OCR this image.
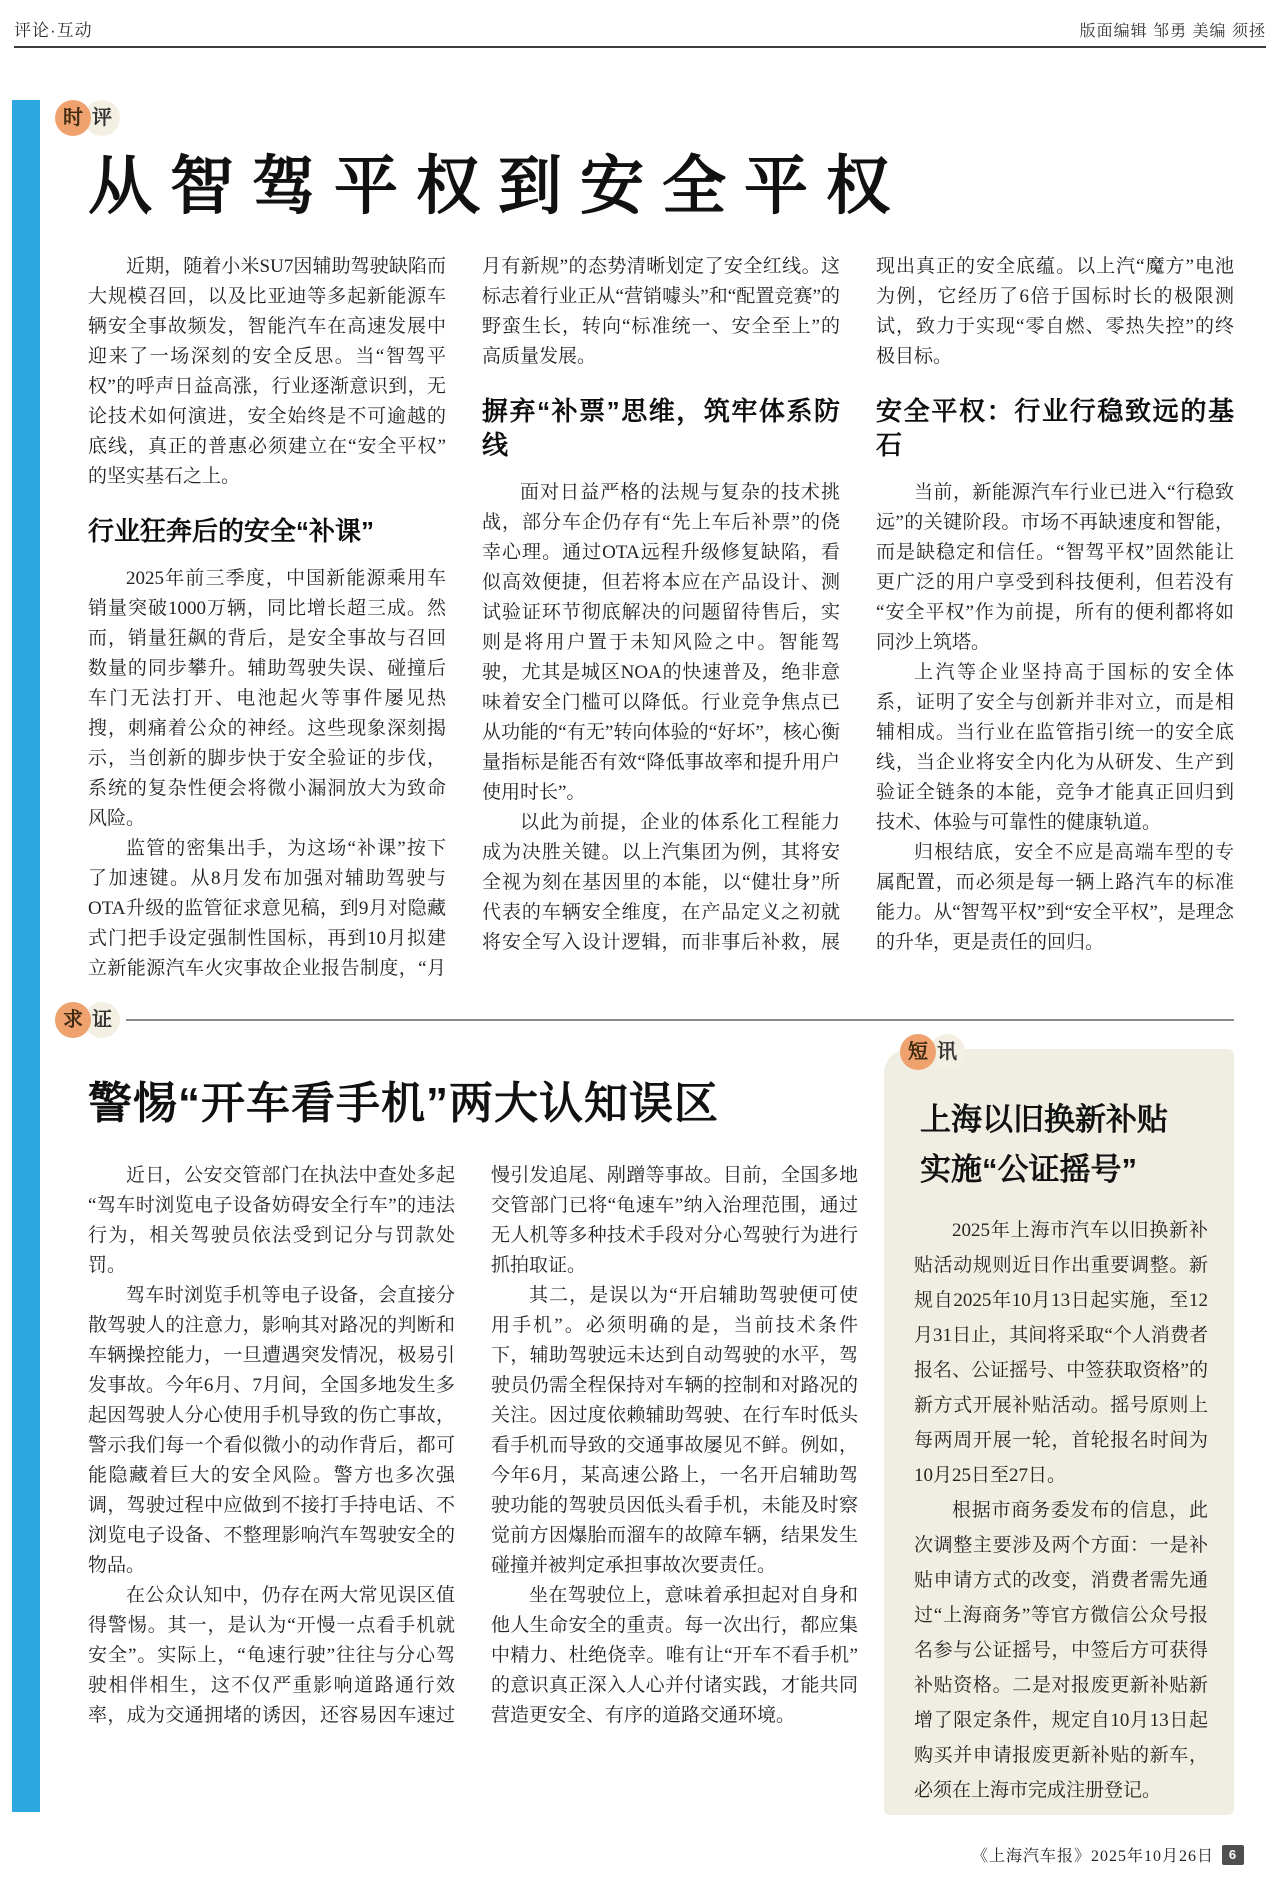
评论·互动	版面编辑 邹勇 美编 须拯
时 评
从智驾平权到安全平权

近期，随着小米SU7因辅助驾驶缺陷而大规模召回，以及比亚迪等多起新能源车辆安全事故频发，智能汽车在高速发展中迎来了一场深刻的安全反思。当“智驾平权”的呼声日益高涨，行业逐渐意识到，无论技术如何演进，安全始终是不可逾越的底线，真正的普惠必须建立在“安全平权”的坚实基石之上。

行业狂奔后的安全“补课”

2025年前三季度，中国新能源乘用车销量突破1000万辆，同比增长超三成。然而，销量狂飙的背后，是安全事故与召回数量的同步攀升。辅助驾驶失误、碰撞后车门无法打开、电池起火等事件屡见热搜，刺痛着公众的神经。这些现象深刻揭示，当创新的脚步快于安全验证的步伐，系统的复杂性便会将微小漏洞放大为致命风险。

监管的密集出手，为这场“补课”按下了加速键。从8月发布加强对辅助驾驶与OTA升级的监管征求意见稿，到9月对隐藏式门把手设定强制性国标，再到10月拟建立新能源汽车火灾事故企业报告制度，“月月有新规”的态势清晰划定了安全红线。这标志着行业正从“营销噱头”和“配置竞赛”的野蛮生长，转向“标准统一、安全至上”的高质量发展。

摒弃“补票”思维，筑牢体系防线

面对日益严格的法规与复杂的技术挑战，部分车企仍存有“先上车后补票”的侥幸心理。通过OTA远程升级修复缺陷，看似高效便捷，但若将本应在产品设计、测试验证环节彻底解决的问题留待售后，实则是将用户置于未知风险之中。智能驾驶，尤其是城区NOA的快速普及，绝非意味着安全门槛可以降低。行业竞争焦点已从功能的“有无”转向体验的“好坏”，核心衡量指标是能否有效“降低事故率和提升用户使用时长”。

以此为前提，企业的体系化工程能力成为决胜关键。以上汽集团为例，其将安全视为刻在基因里的本能，以“健壮身”所代表的车辆安全维度，在产品定义之初就将安全写入设计逻辑，而非事后补救，展现出真正的安全底蕴。以上汽“魔方”电池为例，它经历了6倍于国标时长的极限测试，致力于实现“零自燃、零热失控”的终极目标。

安全平权：行业行稳致远的基石

当前，新能源汽车行业已进入“行稳致远”的关键阶段。市场不再缺速度和智能，而是缺稳定和信任。“智驾平权”固然能让更广泛的用户享受到科技便利，但若没有“安全平权”作为前提，所有的便利都将如同沙上筑塔。

上汽等企业坚持高于国标的安全体系，证明了安全与创新并非对立，而是相辅相成。当行业在监管指引统一的安全底线，当企业将安全内化为从研发、生产到验证全链条的本能，竞争才能真正回归到技术、体验与可靠性的健康轨道。

归根结底，安全不应是高端车型的专属配置，而必须是每一辆上路汽车的标准能力。从“智驾平权”到“安全平权”，是理念的升华，更是责任的回归。

求 证
警惕“开车看手机”两大认知误区

近日，公安交管部门在执法中查处多起“驾车时浏览电子设备妨碍安全行车”的违法行为，相关驾驶员依法受到记分与罚款处罚。

驾车时浏览手机等电子设备，会直接分散驾驶人的注意力，影响其对路况的判断和车辆操控能力，一旦遭遇突发情况，极易引发事故。今年6月、7月间，全国多地发生多起因驾驶人分心使用手机导致的伤亡事故，警示我们每一个看似微小的动作背后，都可能隐藏着巨大的安全风险。警方也多次强调，驾驶过程中应做到不接打手持电话、不浏览电子设备、不整理影响汽车驾驶安全的物品。

在公众认知中，仍存在两大常见误区值得警惕。其一，是认为“开慢一点看手机就安全”。实际上，“龟速行驶”往往与分心驾驶相伴相生，这不仅严重影响道路通行效率，成为交通拥堵的诱因，还容易因车速过慢引发追尾、剐蹭等事故。目前，全国多地交管部门已将“龟速车”纳入治理范围，通过无人机等多种技术手段对分心驾驶行为进行抓拍取证。

其二，是误以为“开启辅助驾驶便可使用手机”。必须明确的是，当前技术条件下，辅助驾驶远未达到自动驾驶的水平，驾驶员仍需全程保持对车辆的控制和对路况的关注。因过度依赖辅助驾驶、在行车时低头看手机而导致的交通事故屡见不鲜。例如，今年6月，某高速公路上，一名开启辅助驾驶功能的驾驶员因低头看手机，未能及时察觉前方因爆胎而溜车的故障车辆，结果发生碰撞并被判定承担事故次要责任。

坐在驾驶位上，意味着承担起对自身和他人生命安全的重责。每一次出行，都应集中精力、杜绝侥幸。唯有让“开车不看手机”的意识真正深入人心并付诸实践，才能共同营造更安全、有序的道路交通环境。

短 讯
上海以旧换新补贴
实施“公证摇号”

2025年上海市汽车以旧换新补贴活动规则近日作出重要调整。新规自2025年10月13日起实施，至12月31日止，其间将采取“个人消费者报名、公证摇号、中签获取资格”的新方式开展补贴活动。摇号原则上每两周开展一轮，首轮报名时间为10月25日至27日。

根据市商务委发布的信息，此次调整主要涉及两个方面：一是补贴申请方式的改变，消费者需先通过“上海商务”等官方微信公众号报名参与公证摇号，中签后方可获得补贴资格。二是对报废更新补贴新增了限定条件，规定自10月13日起购买并申请报废更新补贴的新车，必须在上海市完成注册登记。

《上海汽车报》2025年10月26日	6
